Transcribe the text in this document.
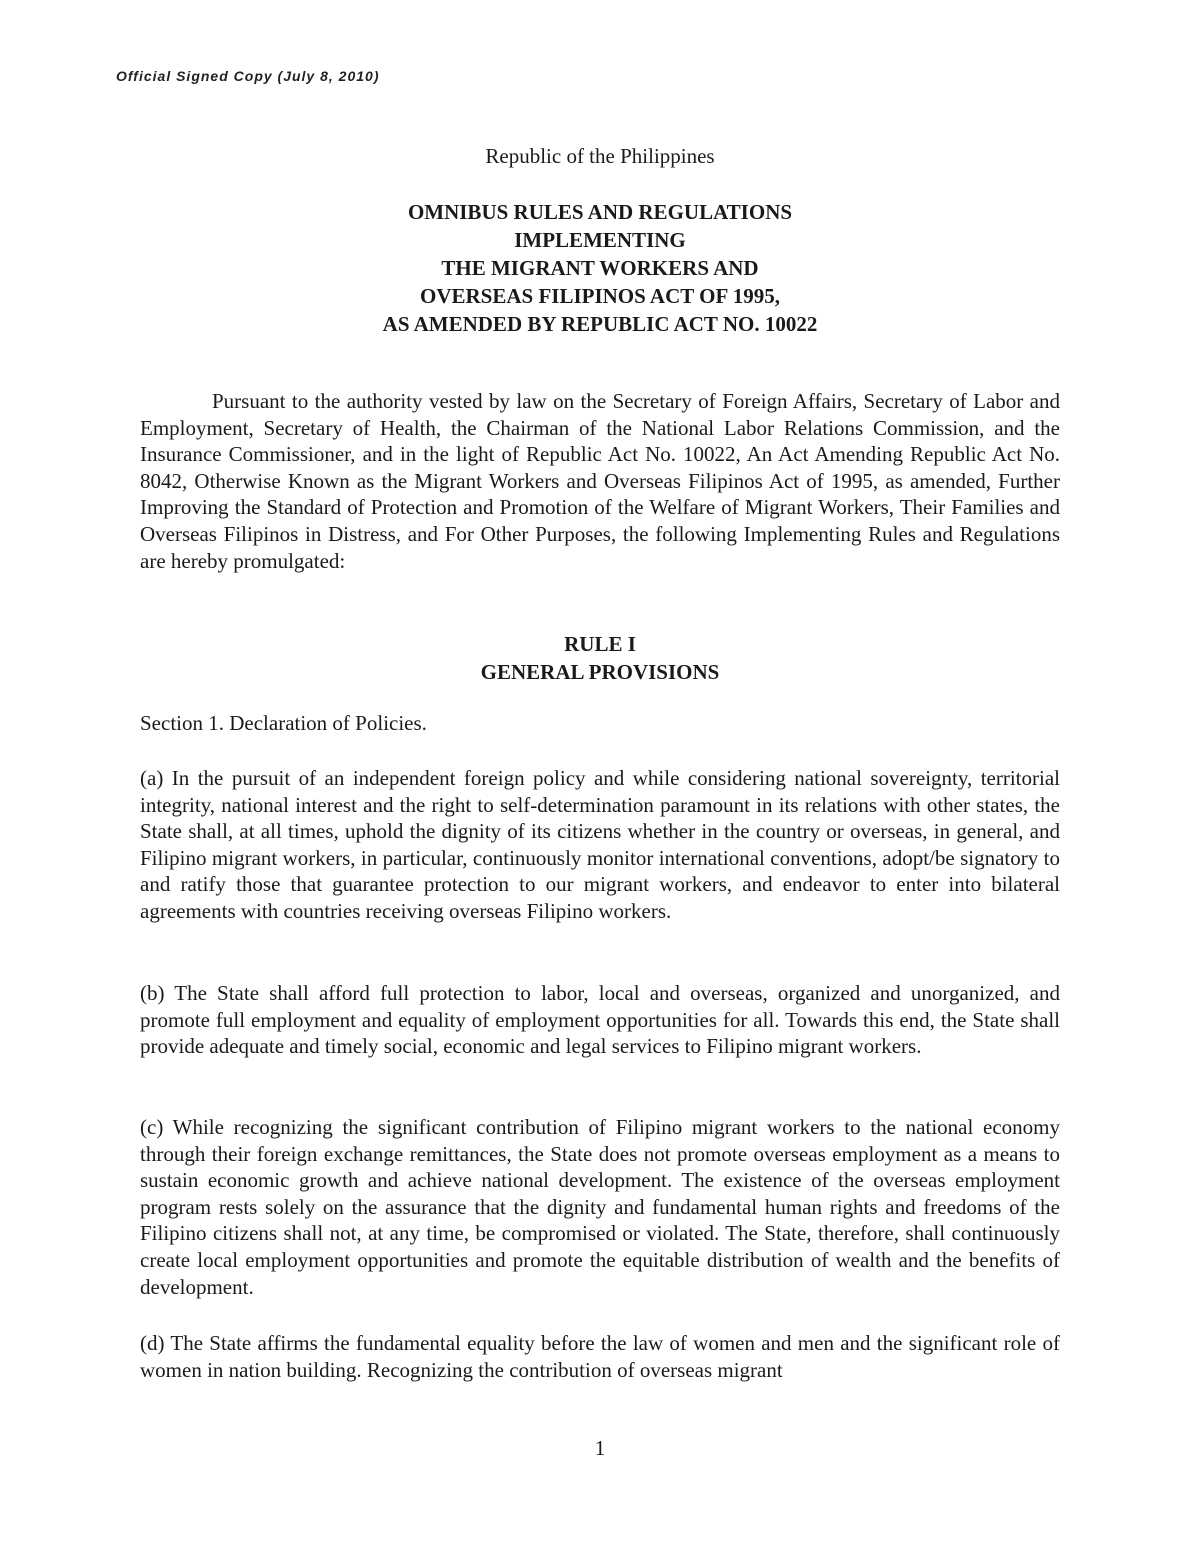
Official Signed Copy (July 8, 2010)

Republic of the Philippines

OMNIBUS RULES AND REGULATIONS
IMPLEMENTING
THE MIGRANT WORKERS AND
OVERSEAS FILIPINOS ACT OF 1995,
AS AMENDED BY REPUBLIC ACT NO. 10022

Pursuant to the authority vested by law on the Secretary of Foreign Affairs, Secretary of Labor and Employment, Secretary of Health, the Chairman of the National Labor Relations Commission, and the Insurance Commissioner, and in the light of Republic Act No. 10022, An Act Amending Republic Act No. 8042, Otherwise Known as the Migrant Workers and Overseas Filipinos Act of 1995, as amended, Further Improving the Standard of Protection and Promotion of the Welfare of Migrant Workers, Their Families and Overseas Filipinos in Distress, and For Other Purposes, the following Implementing Rules and Regulations are hereby promulgated:

RULE I
GENERAL PROVISIONS

Section 1. Declaration of Policies.

(a) In the pursuit of an independent foreign policy and while considering national sovereignty, territorial integrity, national interest and the right to self-determination paramount in its relations with other states, the State shall, at all times, uphold the dignity of its citizens whether in the country or overseas, in general, and Filipino migrant workers, in particular, continuously monitor international conventions, adopt/be signatory to and ratify those that guarantee protection to our migrant workers, and endeavor to enter into bilateral agreements with countries receiving overseas Filipino workers.

(b) The State shall afford full protection to labor, local and overseas, organized and unorganized, and promote full employment and equality of employment opportunities for all. Towards this end, the State shall provide adequate and timely social, economic and legal services to Filipino migrant workers.

(c) While recognizing the significant contribution of Filipino migrant workers to the national economy through their foreign exchange remittances, the State does not promote overseas employment as a means to sustain economic growth and achieve national development. The existence of the overseas employment program rests solely on the assurance that the dignity and fundamental human rights and freedoms of the Filipino citizens shall not, at any time, be compromised or violated. The State, therefore, shall continuously create local employment opportunities and promote the equitable distribution of wealth and the benefits of development.

(d) The State affirms the fundamental equality before the law of women and men and the significant role of women in nation building. Recognizing the contribution of overseas migrant

1
